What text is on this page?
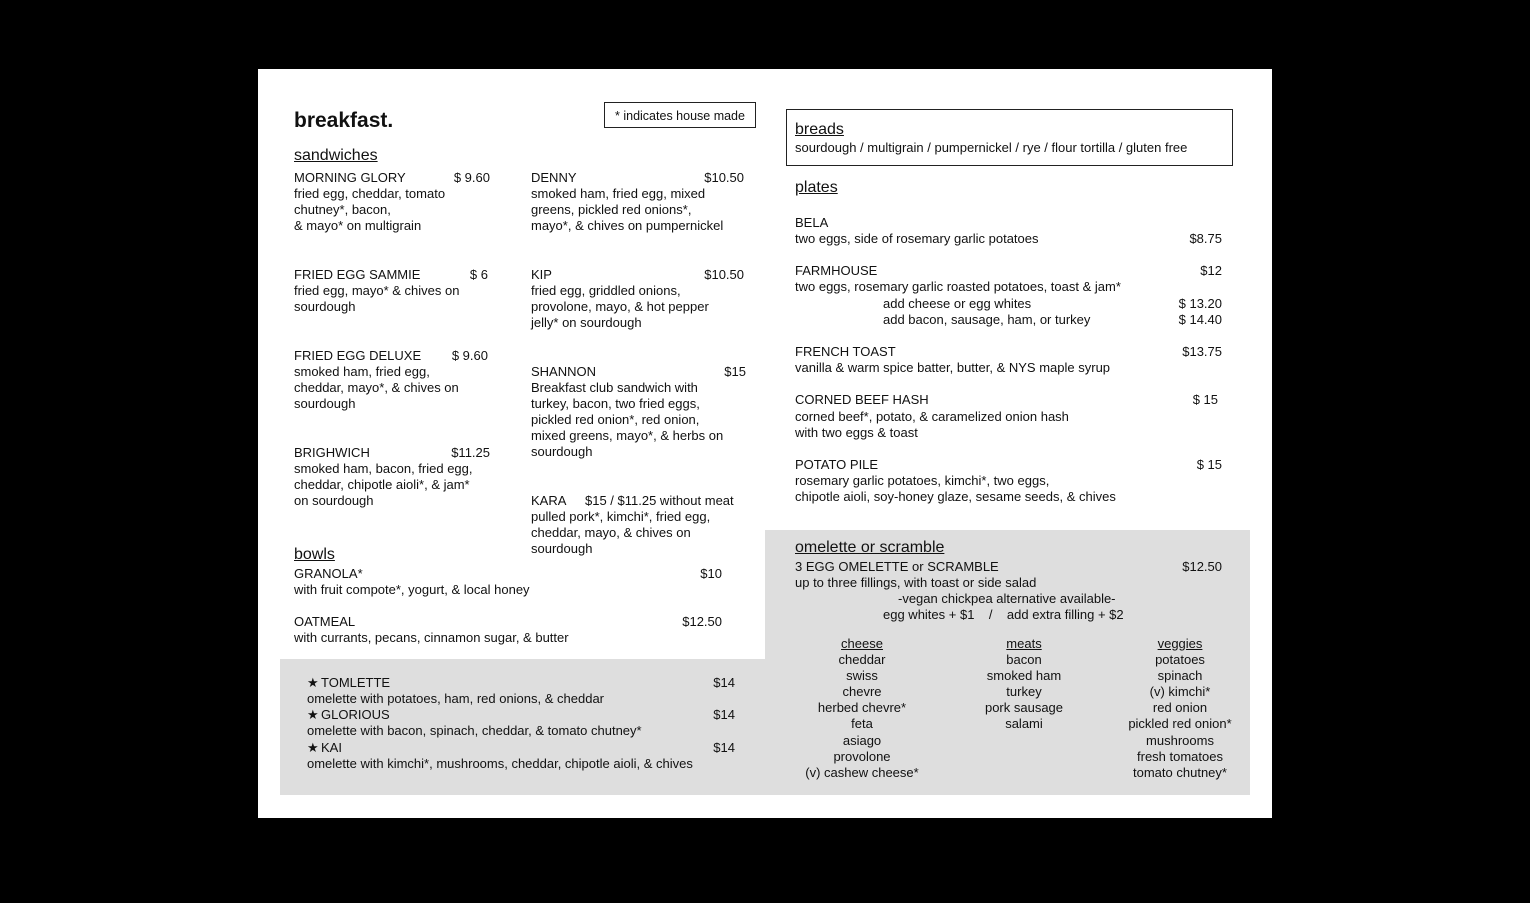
breakfast.	* indicates house made
sandwiches
MORNING GLORY	$ 9.60
fried egg, cheddar, tomato
chutney*, bacon,
& mayo* on multigrain
FRIED EGG SAMMIE	$ 6
fried egg, mayo* & chives on
sourdough
FRIED EGG DELUXE	$ 9.60
smoked ham, fried egg,
cheddar, mayo*, & chives on
sourdough
BRIGHWICH	$11.25
smoked ham, bacon, fried egg,
cheddar, chipotle aioli*, & jam*
on sourdough
DENNY	$10.50
smoked ham, fried egg, mixed
greens, pickled red onions*,
mayo*, & chives on pumpernickel
KIP	$10.50
fried egg, griddled onions,
provolone, mayo, & hot pepper
jelly* on sourdough
SHANNON	$15
Breakfast club sandwich with
turkey, bacon, two fried eggs,
pickled red onion*, red onion,
mixed greens, mayo*, & herbs on
sourdough
KARA $15 / $11.25 without meat
pulled pork*, kimchi*, fried egg,
cheddar, mayo, & chives on
sourdough
bowls
GRANOLA*	$10
with fruit compote*, yogurt, & local honey
OATMEAL	$12.50
with currants, pecans, cinnamon sugar, & butter
★ TOMLETTE	$14
omelette with potatoes, ham, red onions, & cheddar
★ GLORIOUS	$14
omelette with bacon, spinach, cheddar, & tomato chutney*
★ KAI	$14
omelette with kimchi*, mushrooms, cheddar, chipotle aioli, & chives
breads
sourdough / multigrain / pumpernickel / rye / flour tortilla / gluten free
plates
BELA
two eggs, side of rosemary garlic potatoes	$8.75
FARMHOUSE	$12
two eggs, rosemary garlic roasted potatoes, toast & jam*
add cheese or egg whites	$ 13.20
add bacon, sausage, ham, or turkey	$ 14.40
FRENCH TOAST	$13.75
vanilla & warm spice batter, butter, & NYS maple syrup
CORNED BEEF HASH	$ 15
corned beef*, potato, & caramelized onion hash
with two eggs & toast
POTATO PILE	$ 15
rosemary garlic potatoes, kimchi*, two eggs,
chipotle aioli, soy-honey glaze, sesame seeds, & chives
omelette or scramble
3 EGG OMELETTE or SCRAMBLE	$12.50
up to three fillings, with toast or side salad
-vegan chickpea alternative available-
egg whites + $1    /    add extra filling + $2
cheese
cheddar
swiss
chevre
herbed chevre*
feta
asiago
provolone
(v) cashew cheese*
meats
bacon
smoked ham
turkey
pork sausage
salami
veggies
potatoes
spinach
(v) kimchi*
red onion
pickled red onion*
mushrooms
fresh tomatoes
tomato chutney*
